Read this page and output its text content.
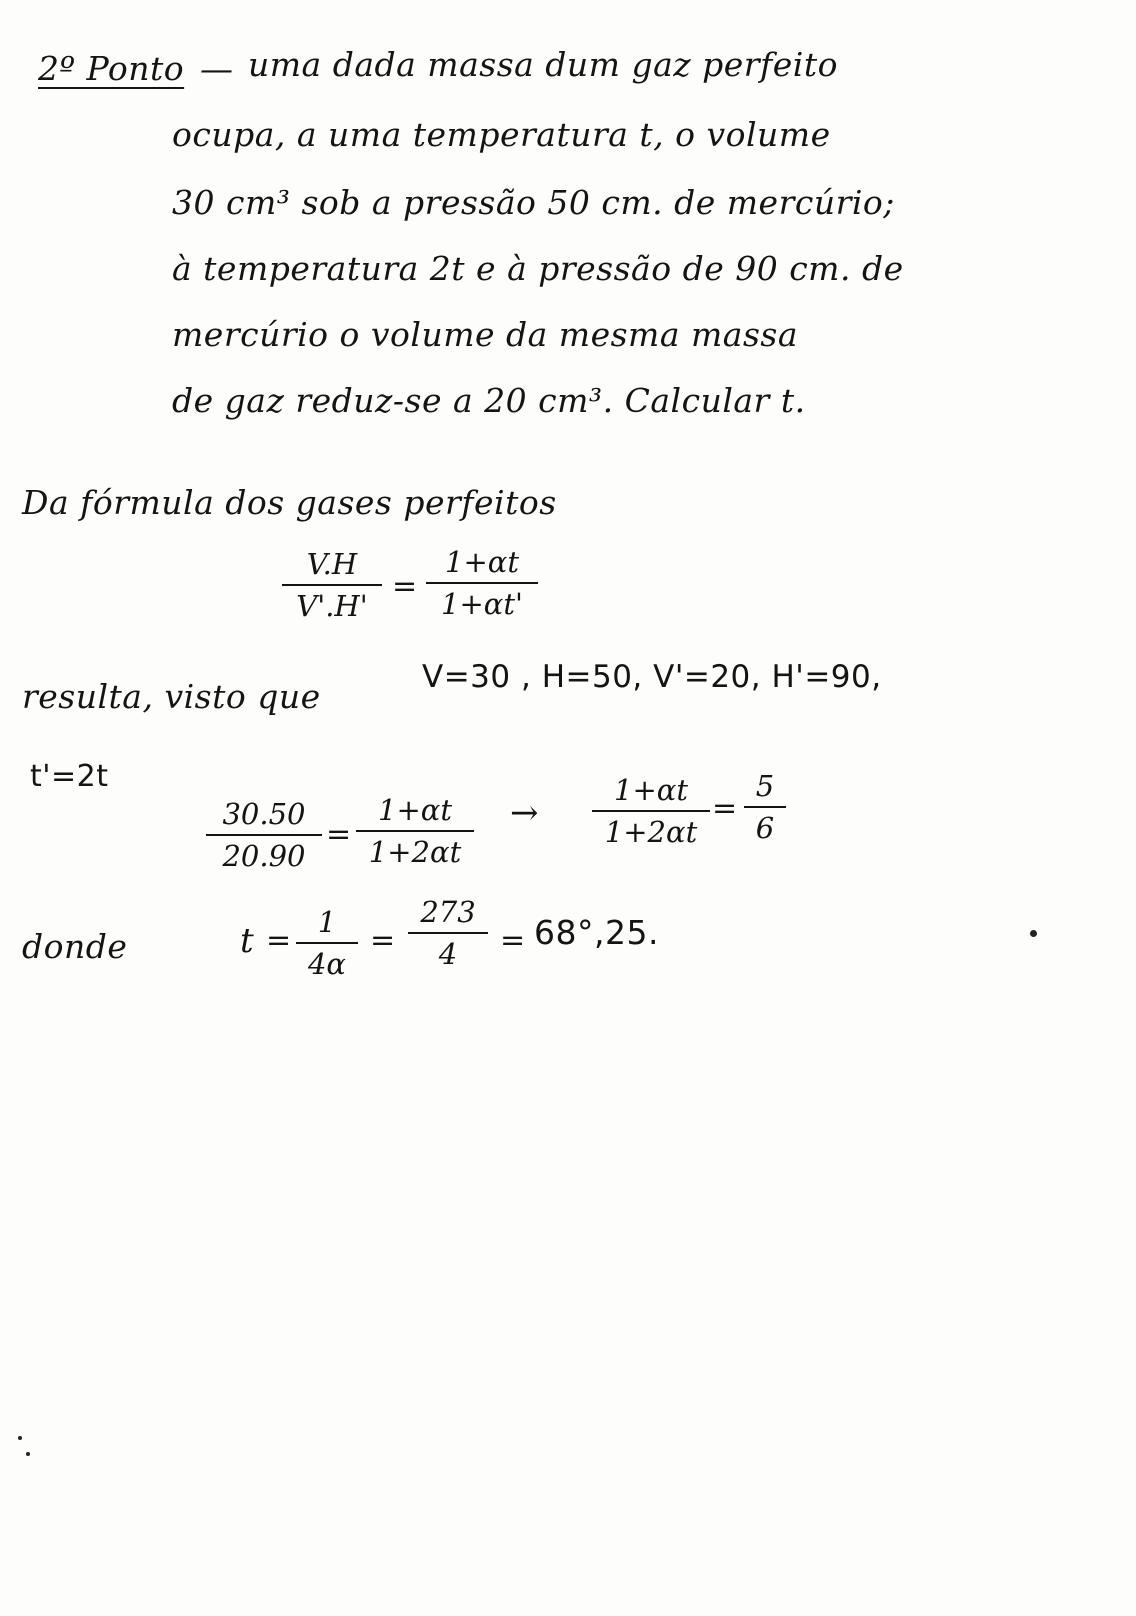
2º Ponto — uma dada massa dum gaz perfeito
ocupa, a uma temperatura t, o volume
30 cm³ sob a pressão 50 cm. de mercúrio;
à temperatura 2t e à pressão de 90 cm. de
mercúrio o volume da mesma massa
de gaz reduz-se a 20 cm³. Calcular t.
Da fórmula dos gases perfeitos
$\frac{V.H}{V'.H'} = \frac{1+\alpha t}{1+\alpha t'}$
resulta, visto que	V=30 , H=50, V'=20, H'=90,
t'=2t
$\frac{30.50}{20.90} = \frac{1+\alpha t}{1+2\alpha t} \to \frac{1+\alpha t}{1+2\alpha t} = \frac{5}{6}$
donde	$t = \frac{1}{4\alpha} = \frac{273}{4} = 68^\circ,25$.
